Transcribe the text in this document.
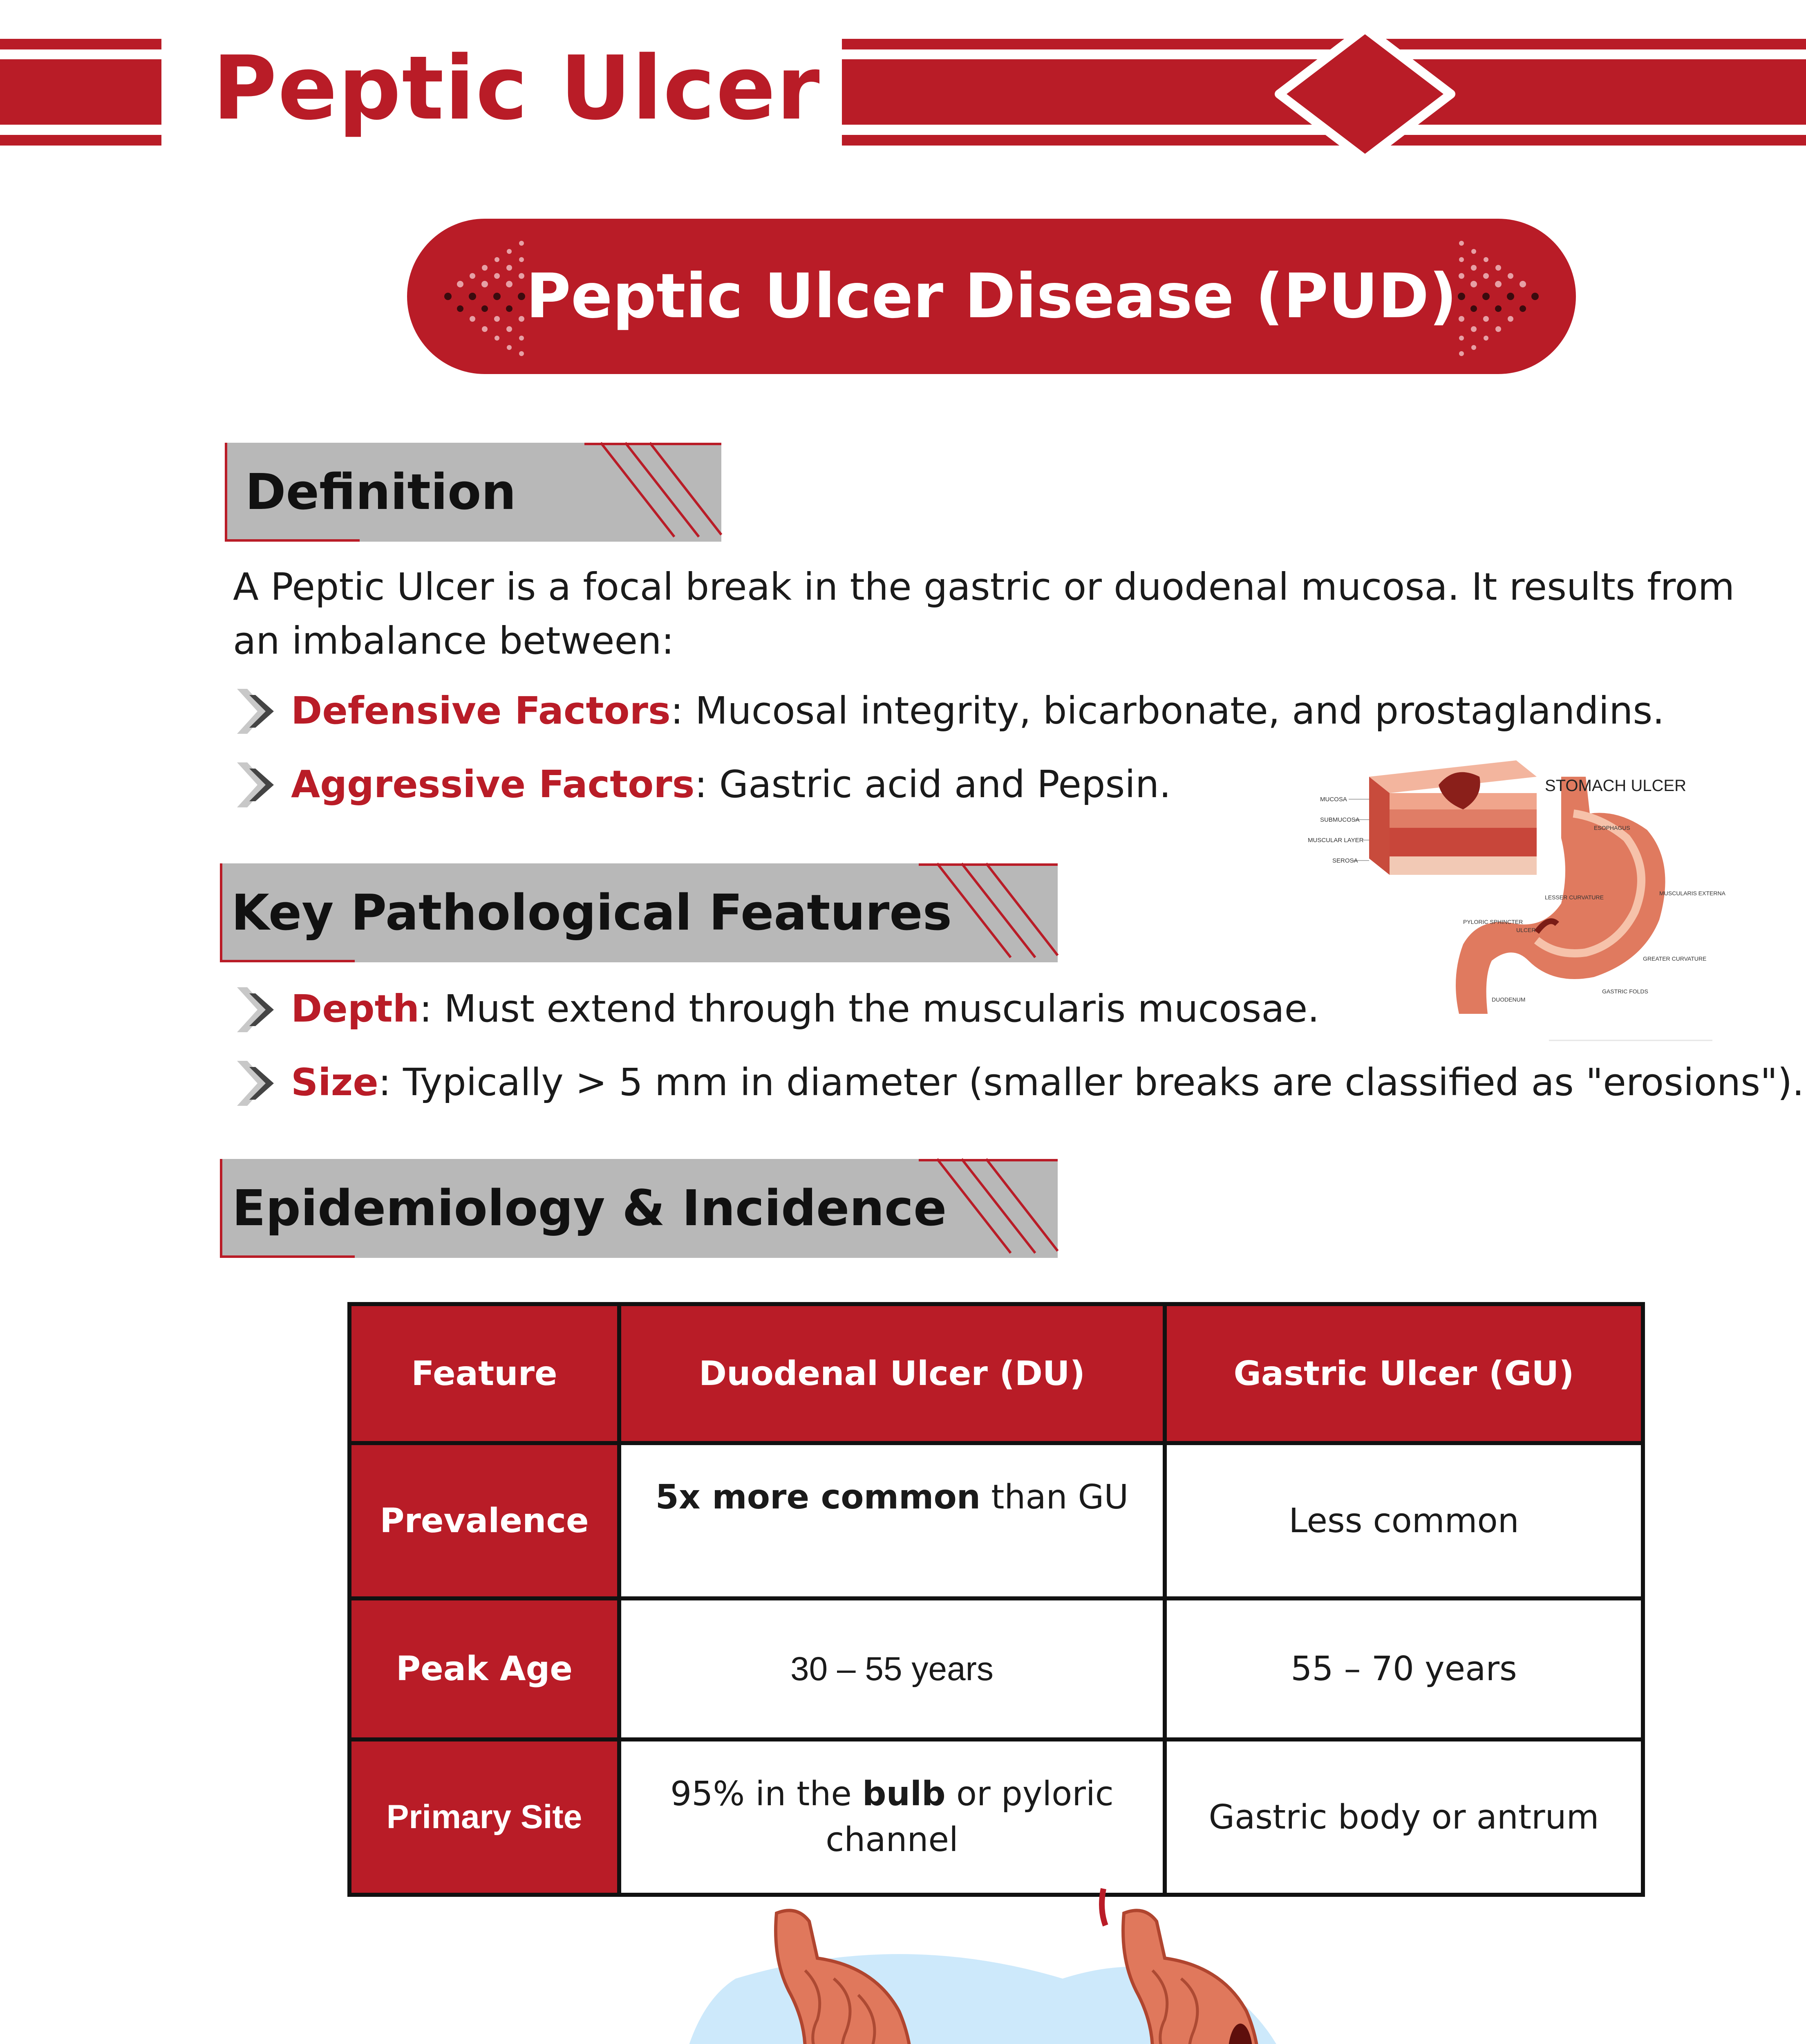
Peptic Ulcer
Peptic Ulcer Disease (PUD)
Definition
A Peptic Ulcer is a focal break in the gastric or duodenal mucosa. It results from an imbalance between:
Defensive Factors: Mucosal integrity, bicarbonate, and prostaglandins.
Aggressive Factors: Gastric acid and Pepsin.	MUCOSA
SUBMUCOSA
MUSCULAR LAYER
SEROSA
STOMACH ULCER
ESOPHAGUS
MUSCULARIS EXTERNA
LESSER CURVATURE
PYLORIC SPHINCTER
ULCER
GREATER CURVATURE
DUODENUM
GASTRIC FOLDS
Key Pathological Features
Depth: Must extend through the muscularis mucosae.
Size: Typically > 5 mm in diameter (smaller breaks are classified as "erosions").
Epidemiology & Incidence
Feature	Duodenal Ulcer (DU)	Gastric Ulcer (GU)
Prevalence	5x more common than GU	Less common
Peak Age	30 – 55 years	55 – 70 years
Primary Site	95% in the bulb or pyloric channel	Gastric body or antrum
